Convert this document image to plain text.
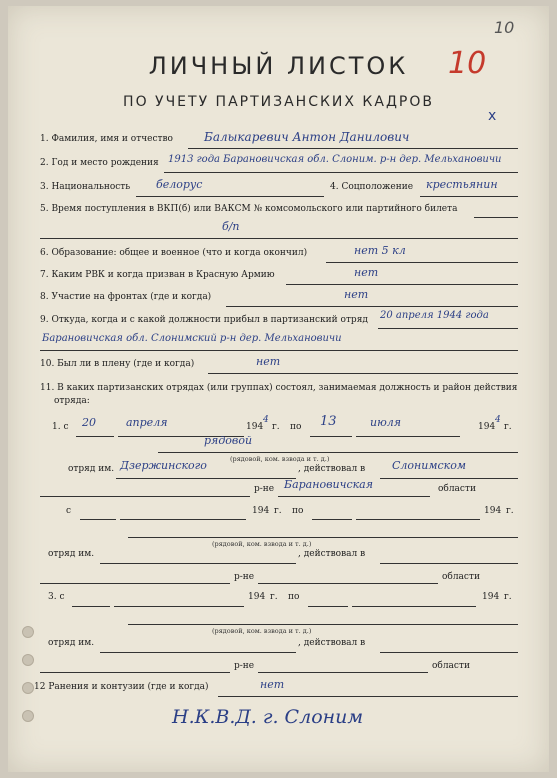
10
ЛИЧНЫЙ ЛИСТОК	10
ПО УЧЕТУ ПАРТИЗАНСКИХ КАДРОВ
x
1. Фамилия, имя и отчество	Балыкаревич Антон Данилович
2. Год и место рождения 1913 года Барановичская обл. Слоним. р-н дер. Мельхановичи
3. Национальность белорус	4. Соцположение крестьянин
5. Время поступления в ВКП(б) или ВАКСМ № комсомольского или партийного билета
б/п
6. Образование: общее и военное (что и когда окончил)	нет 5 кл
7. Каким РВК и когда призван в Красную Армию	нет
8. Участие на фронтах (где и когда)	нет
9. Откуда, когда и с какой должности прибыл в партизанский отряд 20 апреля 1944 года
Барановичская обл. Слонимский р-н дер. Мельхановичи
10. Был ли в плену (где и когда)	нет
11. В каких партизанских отрядах (или группах) состоял, занимаемая должность и район действия
отряда:
1. с 20	апреля	194
4
г. по 13	июля	194
4
г.
рядовой
(рядовой, ком. взвода и т. д.)
отряд им. Дзержинского	, действовал в Слонимском
р-не Барановичская	области
с	194 г. по	194 г.
(рядовой, ком. взвода и т. д.)
отряд им.	, действовал в
р-не	области
3. с	194 г. по	194 г.
(рядовой, ком. взвода и т. д.)
отряд им.	, действовал в
р-не	области
12 Ранения и контузии (где и когда)	нет
Н.К.В.Д. г. Слоним
